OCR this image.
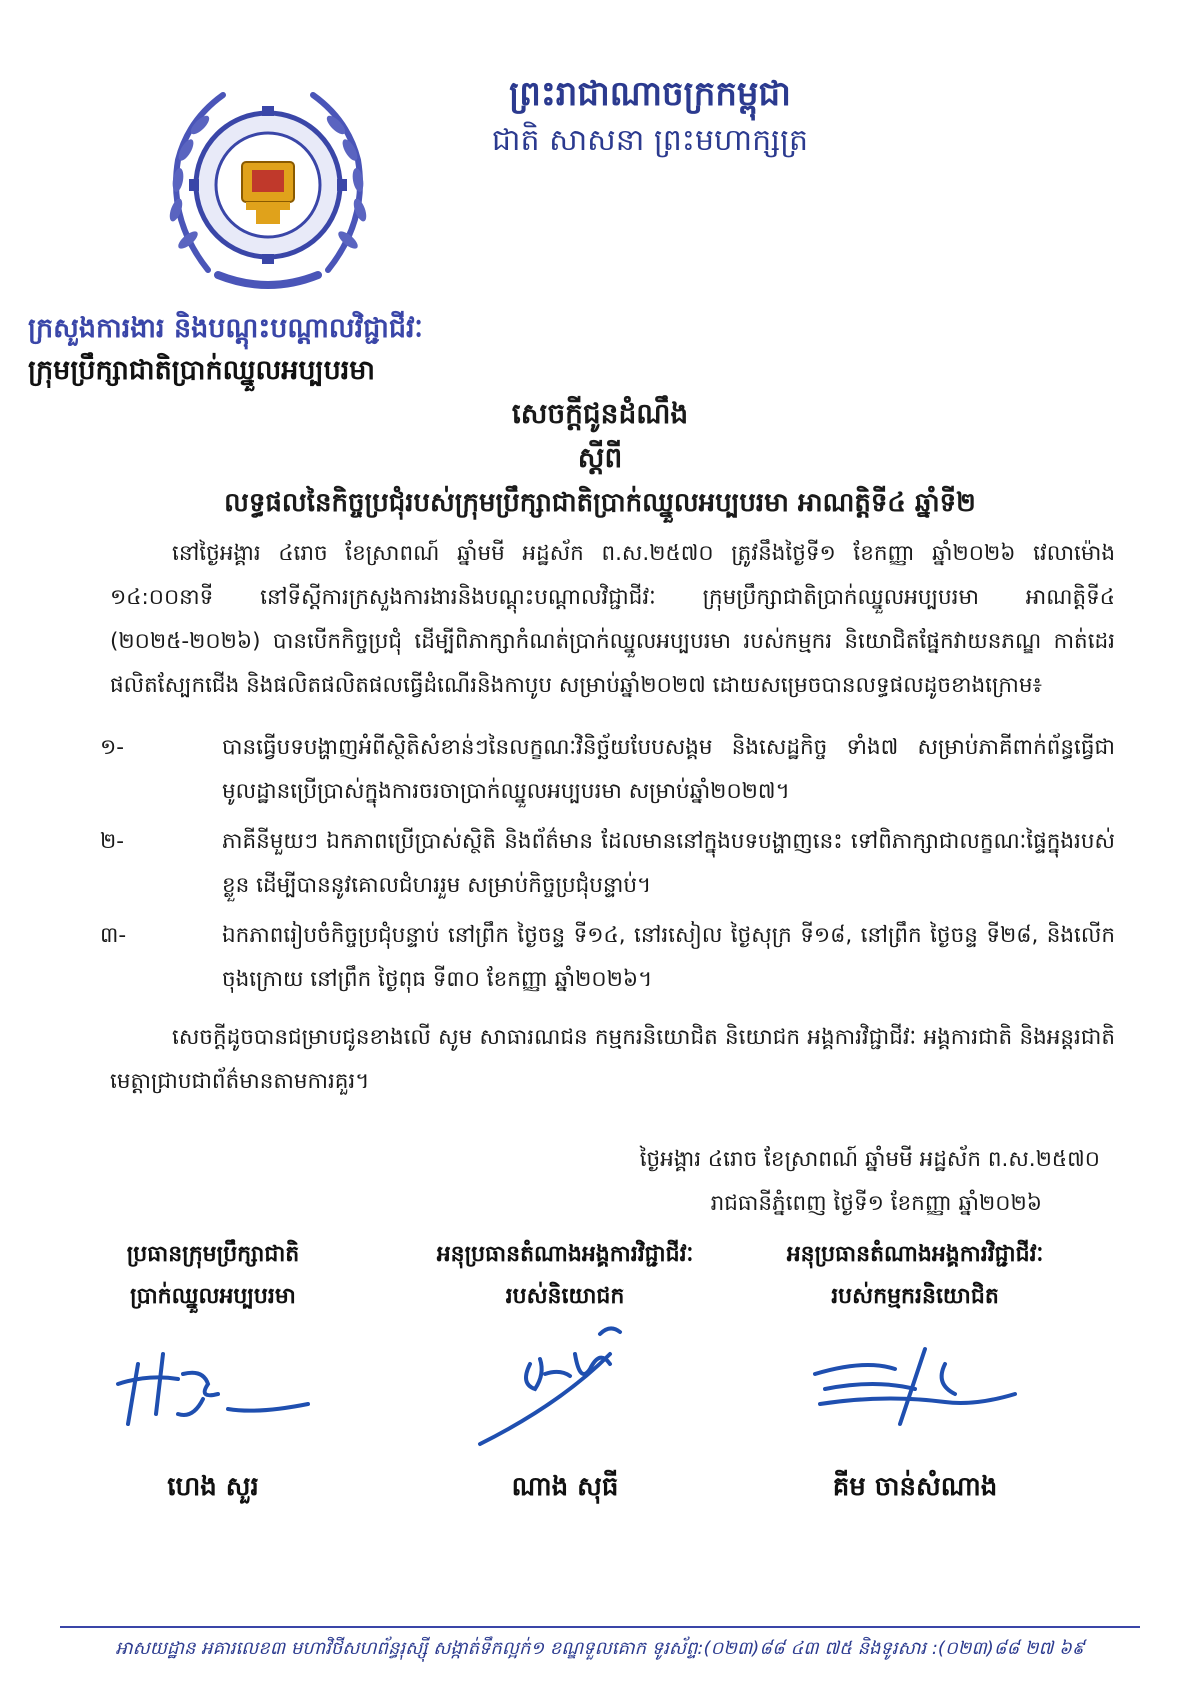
ព្រះរាជាណាចក្រកម្ពុជា
ជាតិ សាសនា ព្រះមហាក្សត្រ
ក្រសួងការងារ និងបណ្តុះបណ្តាលវិជ្ជាជីវៈ
ក្រុមប្រឹក្សាជាតិប្រាក់ឈ្នួលអប្បបរមា
សេចក្តីជូនដំណឹង
ស្តីពី
លទ្ធផលនៃកិច្ចប្រជុំរបស់ក្រុមប្រឹក្សាជាតិប្រាក់ឈ្នួលអប្បបរមា អាណត្តិទី៤ ឆ្នាំទី២

នៅថ្ងៃអង្គារ ៤រោច ខែស្រាពណ៍ ឆ្នាំមមី អដ្ឋស័ក ព.ស.២៥៧០ ត្រូវនឹងថ្ងៃទី១ ខែកញ្ញា ឆ្នាំ២០២៦ វេលាម៉ោង ១៤:០០នាទី នៅទីស្តីការក្រសួងការងារនិងបណ្តុះបណ្តាលវិជ្ជាជីវៈ ក្រុមប្រឹក្សាជាតិប្រាក់ឈ្នួលអប្បបរមា អាណត្តិទី៤ (២០២៥-២០២៦) បានបើកកិច្ចប្រជុំ ដើម្បីពិភាក្សាកំណត់ប្រាក់ឈ្នួលអប្បបរមា របស់កម្មករ និយោជិតផ្នែកវាយនភណ្ឌ កាត់ដេរ ផលិតស្បែកជើង និងផលិតផលិតផលធ្វើដំណើរនិងកាបូប សម្រាប់ឆ្នាំ២០២៧ ដោយសម្រេចបានលទ្ធផលដូចខាងក្រោម៖

១-	បានធ្វើបទបង្ហាញអំពីស្ថិតិសំខាន់ៗនៃលក្ខណៈវិនិច្ឆ័យបែបសង្គម និងសេដ្ឋកិច្ច ទាំង៧ សម្រាប់ភាគីពាក់ព័ន្ធធ្វើជាមូលដ្ឋានប្រើប្រាស់ក្នុងការចរចាប្រាក់ឈ្នួលអប្បបរមា សម្រាប់ឆ្នាំ២០២៧។
២-	ភាគីនីមួយៗ ឯកភាពប្រើប្រាស់ស្ថិតិ និងព័ត៌មាន ដែលមាននៅក្នុងបទបង្ហាញនេះ ទៅពិភាក្សាជាលក្ខណៈផ្ទៃក្នុងរបស់ខ្លួន ដើម្បីបាននូវគោលជំហររួម សម្រាប់កិច្ចប្រជុំបន្ទាប់។
៣-	ឯកភាពរៀបចំកិច្ចប្រជុំបន្ទាប់ នៅព្រឹក ថ្ងៃចន្ទ ទី១៤, នៅរសៀល ថ្ងៃសុក្រ ទី១៨, នៅព្រឹក ថ្ងៃចន្ទ ទី២៨, និងលើកចុងក្រោយ នៅព្រឹក ថ្ងៃពុធ ទី៣០ ខែកញ្ញា ឆ្នាំ២០២៦។

សេចក្តីដូចបានជម្រាបជូនខាងលើ សូម សាធារណជន កម្មករនិយោជិត និយោជក អង្គការវិជ្ជាជីវៈ អង្គការជាតិ និងអន្តរជាតិ មេត្តាជ្រាបជាព័ត៌មានតាមការគួរ។

ថ្ងៃអង្គារ ៤រោច ខែស្រាពណ៍ ឆ្នាំមមី អដ្ឋស័ក ព.ស.២៥៧០
រាជធានីភ្នំពេញ ថ្ងៃទី១ ខែកញ្ញា ឆ្នាំ២០២៦
ប្រធានក្រុមប្រឹក្សាជាតិ
ប្រាក់ឈ្នួលអប្បបរមា
ហេង សួរ
អនុប្រធានតំណាងអង្គការវិជ្ជាជីវៈ
របស់និយោជក
ណាង សុធី
អនុប្រធានតំណាងអង្គការវិជ្ជាជីវៈ
របស់កម្មករនិយោជិត
គីម ចាន់សំណាង
អាសយដ្ឋាន អគារលេខ៣ មហាវិថីសហព័ន្ធរុស្ស៊ី សង្កាត់ទឹកល្អក់១ ខណ្ឌទួលគោក ទូរស័ព្ទ:(០២៣)៨៨ ៤៣ ៧៥ និងទូរសារ :(០២៣)៨៨ ២៧ ៦៩
